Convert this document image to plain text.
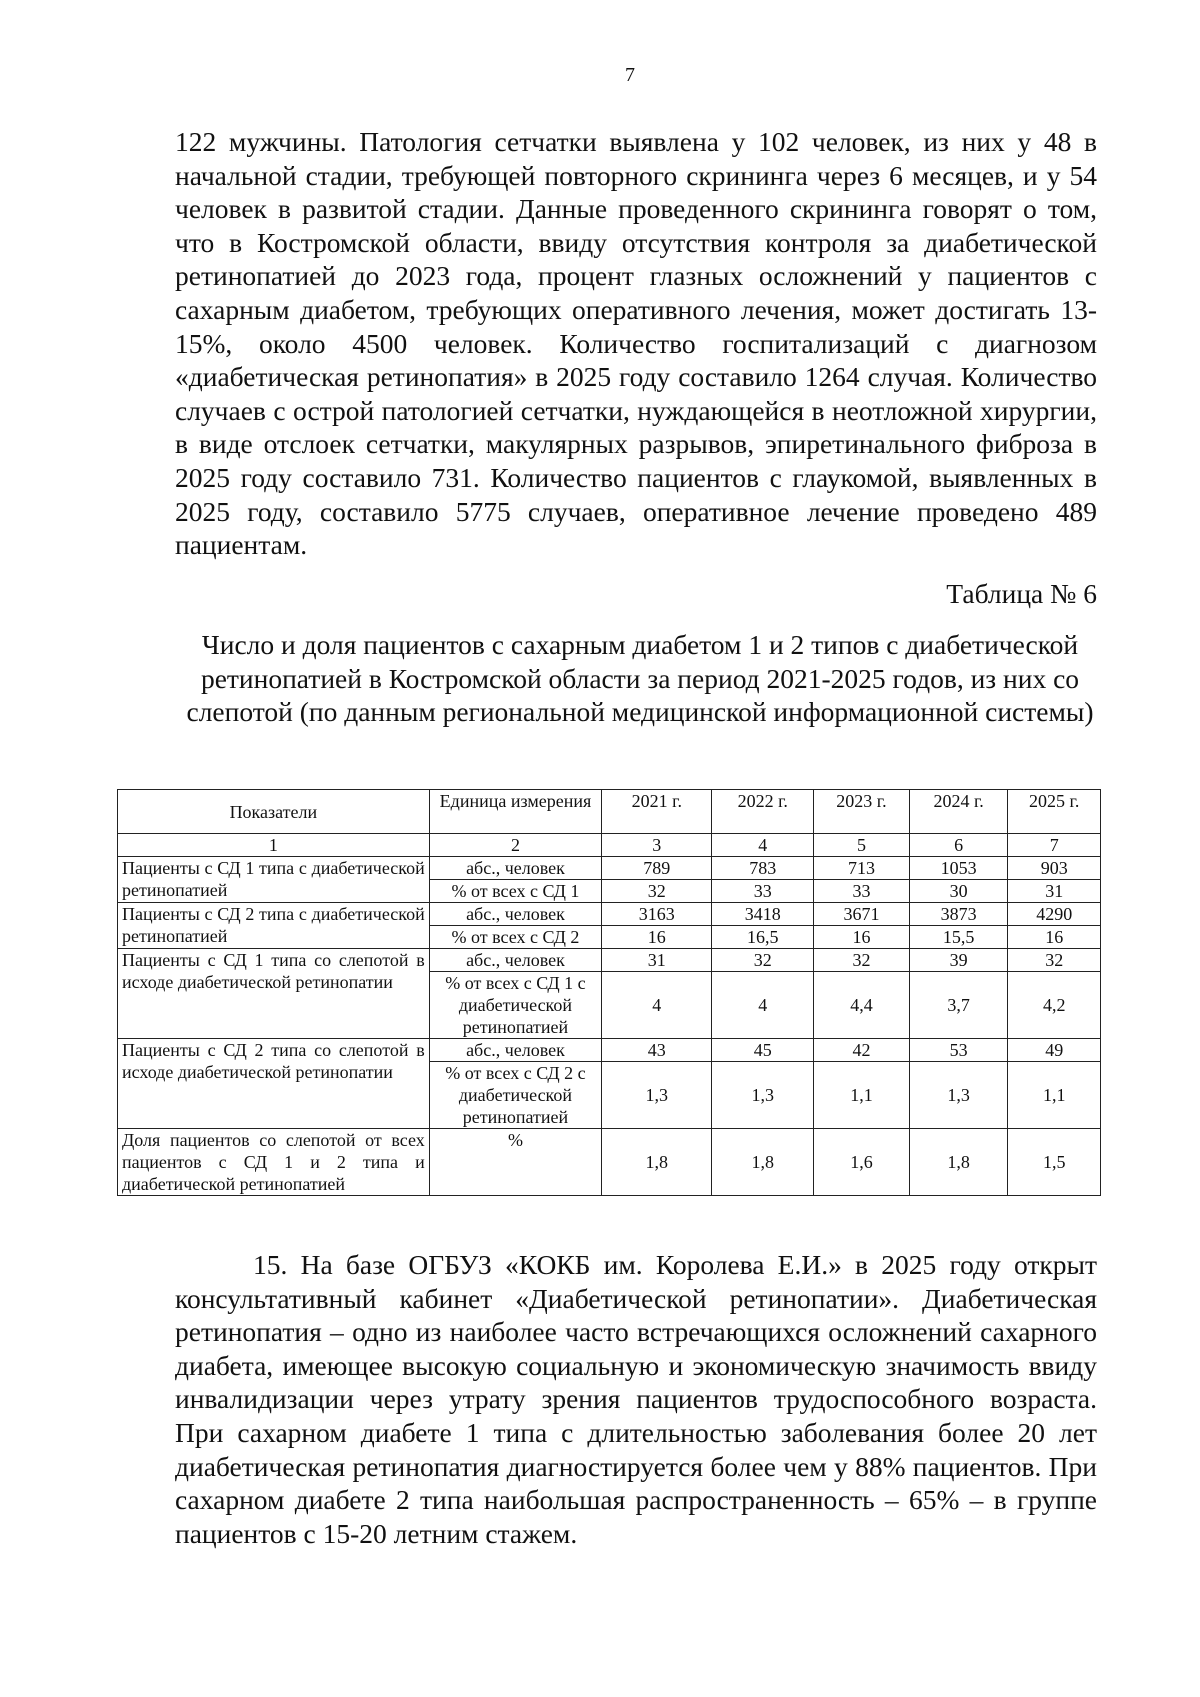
7
122 мужчины. Патология сетчатки выявлена у 102 человек, из них у 48 в начальной стадии, требующей повторного скрининга через 6 месяцев, и у 54 человек в развитой стадии. Данные проведенного скрининга говорят о том, что в Костромской области, ввиду отсутствия контроля за диабетической ретинопатией до 2023 года, процент глазных осложнений у пациентов с сахарным диабетом, требующих оперативного лечения, может достигать 13-15%, около 4500 человек. Количество госпитализаций с диагнозом «диабетическая ретинопатия» в 2025 году составило 1264 случая. Количество случаев с острой патологией сетчатки, нуждающейся в неотложной хирургии, в виде отслоек сетчатки, макулярных разрывов, эпиретинального фиброза в 2025 году составило 731. Количество пациентов с глаукомой, выявленных в 2025 году, составило 5775 случаев, оперативное лечение проведено 489 пациентам.
Таблица № 6
Число и доля пациентов с сахарным диабетом 1 и 2 типов с диабетической ретинопатией в Костромской области за период 2021-2025 годов, из них со слепотой (по данным региональной медицинской информационной системы)
Показатели	Единица измерения	2021 г.	2022 г.	2023 г.	2024 г.	2025 г.
1	2	3	4	5	6	7
Пациенты с СД 1 типа с диабетической ретинопатией	абс., человек	789	783	713	1053	903
	% от всех с СД 1	32	33	33	30	31
Пациенты с СД 2 типа с диабетической ретинопатией	абс., человек	3163	3418	3671	3873	4290
	% от всех с СД 2	16	16,5	16	15,5	16
Пациенты с СД 1 типа со слепотой в исходе диабетической ретинопатии	абс., человек	31	32	32	39	32
	% от всех с СД 1 с диабетической ретинопатией	4	4	4,4	3,7	4,2
Пациенты с СД 2 типа со слепотой в исходе диабетической ретинопатии	абс., человек	43	45	42	53	49
	% от всех с СД 2 с диабетической ретинопатией	1,3	1,3	1,1	1,3	1,1
Доля пациентов со слепотой от всех пациентов с СД 1 и 2 типа и диабетической ретинопатией	%	1,8	1,8	1,6	1,8	1,5
15. На базе ОГБУЗ «КОКБ им. Королева Е.И.» в 2025 году открыт консультативный кабинет «Диабетической ретинопатии». Диабетическая ретинопатия – одно из наиболее часто встречающихся осложнений сахарного диабета, имеющее высокую социальную и экономическую значимость ввиду инвалидизации через утрату зрения пациентов трудоспособного возраста. При сахарном диабете 1 типа с длительностью заболевания более 20 лет диабетическая ретинопатия диагностируется более чем у 88% пациентов. При сахарном диабете 2 типа наибольшая распространенность – 65% – в группе пациентов с 15-20 летним стажем.
